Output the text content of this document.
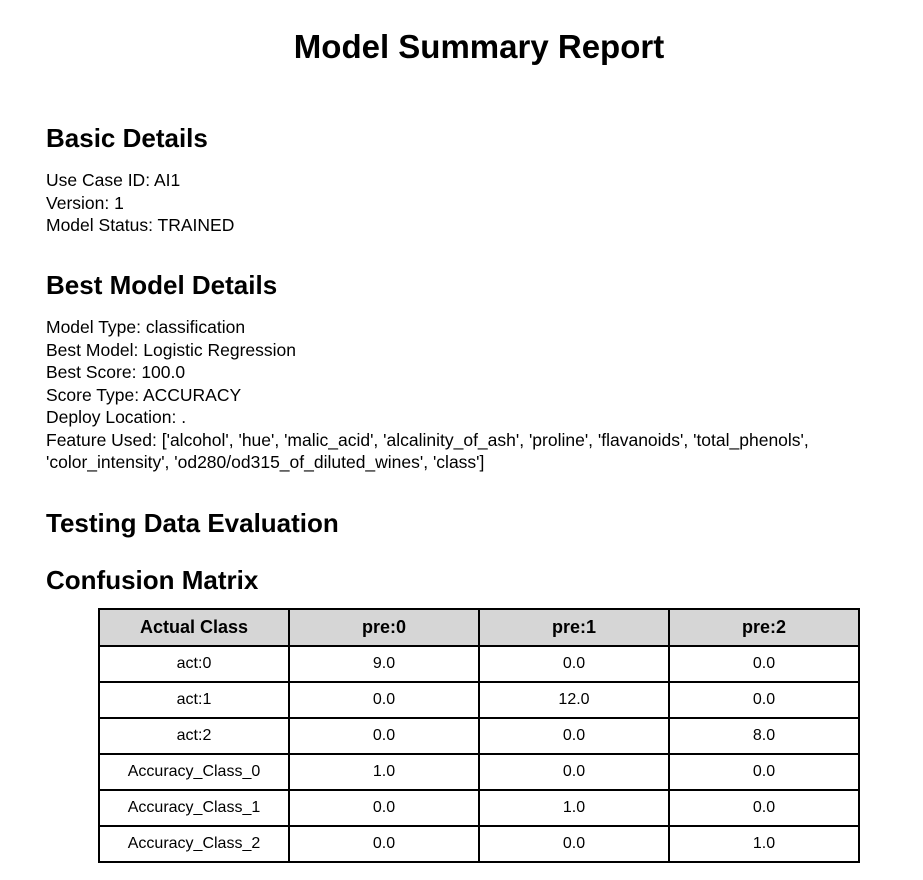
Model Summary Report
Basic Details

Use Case ID: AI1

Version: 1

Model Status: TRAINED

Best Model Details

Model Type: classification

Best Model: Logistic Regression

Best Score: 100.0

Score Type: ACCURACY

Deploy Location: .

Feature Used: ['alcohol', 'hue', 'malic_acid', 'alcalinity_of_ash', 'proline', 'flavanoids', 'total_phenols', 'color_intensity', 'od280/od315_of_diluted_wines', 'class']

Testing Data Evaluation
Confusion Matrix
Actual Class	pre:0	pre:1	pre:2
act:0	9.0	0.0	0.0
act:1	0.0	12.0	0.0
act:2	0.0	0.0	8.0
Accuracy_Class_0	1.0	0.0	0.0
Accuracy_Class_1	0.0	1.0	0.0
Accuracy_Class_2	0.0	0.0	1.0
